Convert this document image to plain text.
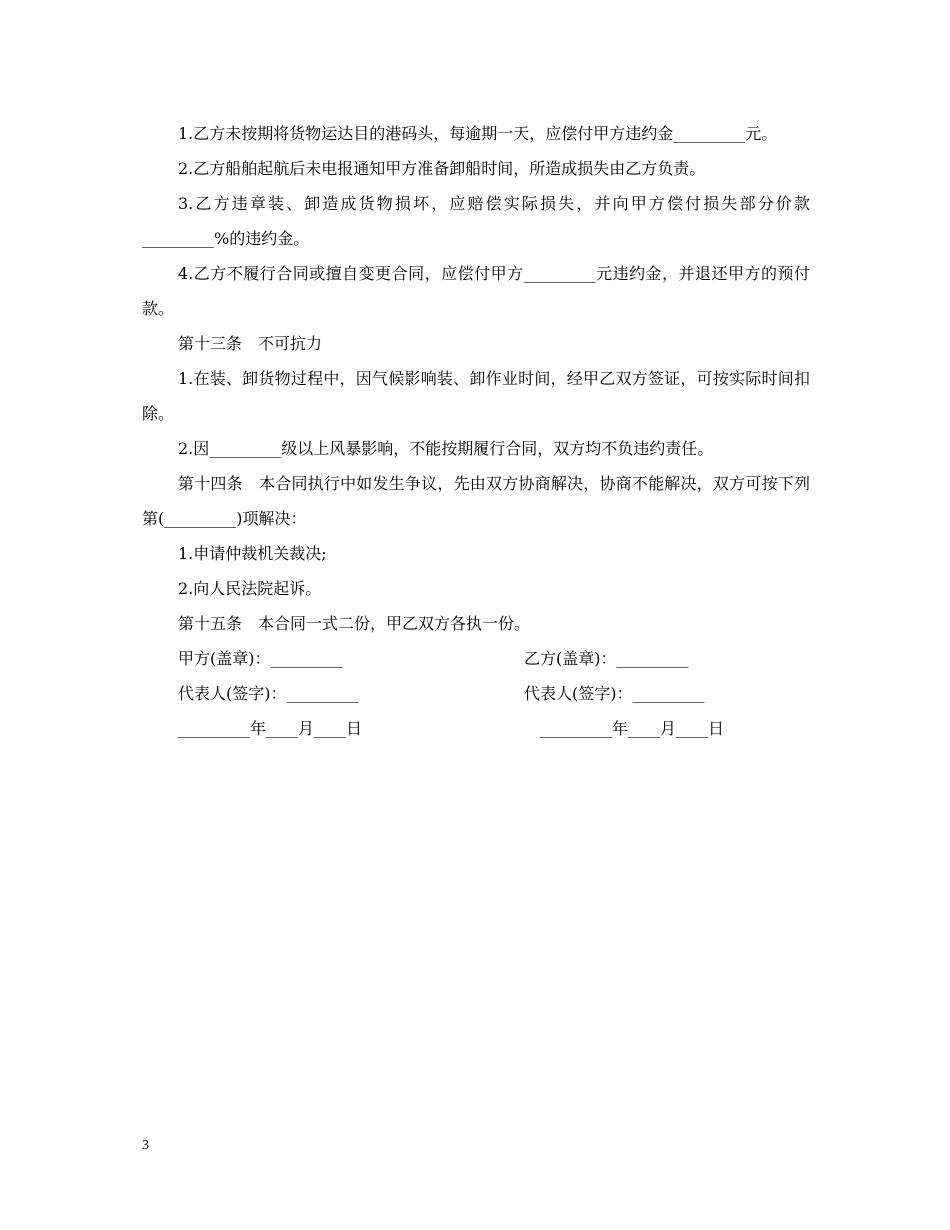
1.乙方未按期将货物运达目的港码头，每逾期一天，应偿付甲方违约金_________元。

2.乙方船舶起航后未电报通知甲方准备卸船时间，所造成损失由乙方负责。

3.乙方违章装、卸造成货物损坏，应赔偿实际损失，并向甲方偿付损失部分价款_________%的违约金。

4.乙方不履行合同或擅自变更合同，应偿付甲方_________元违约金，并退还甲方的预付款。

第十三条　不可抗力

1.在装、卸货物过程中，因气候影响装、卸作业时间，经甲乙双方签证，可按实际时间扣除。

2.因_________级以上风暴影响，不能按期履行合同，双方均不负违约责任。

第十四条　本合同执行中如发生争议，先由双方协商解决，协商不能解决，双方可按下列第(_________)项解决：

1.申请仲裁机关裁决;

2.向人民法院起诉。

第十五条　本合同一式二份，甲乙双方各执一份。

甲方(盖章)：_________	乙方(盖章)：_________
代表人(签字)：_________	代表人(签字)：_________
_________年____月____日	_________年____月____日
3
